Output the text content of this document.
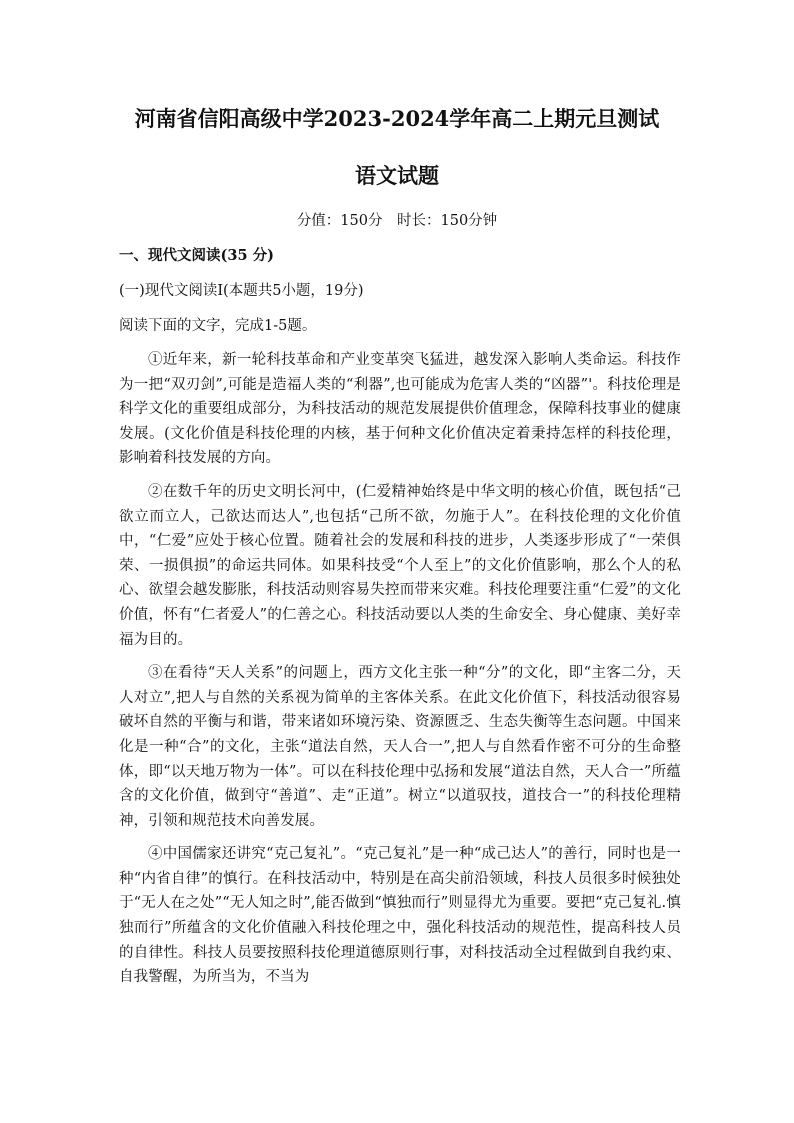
河南省信阳高级中学2023-2024学年高二上期元旦测试
语文试题
分值：150分　时长：150分钟

一、现代文阅读(35 分)

(一)现代文阅读I(本题共5小题，19分)

阅读下面的文字，完成1-5题。

①近年来，新一轮科技革命和产业变革突飞猛进，越发深入影响人类命运。科技作为一把“双刃剑”,可能是造福人类的“利器”,也可能成为危害人类的“凶器”'。科技伦理是科学文化的重要组成部分，为科技活动的规范发展提供价值理念，保障科技事业的健康发展。(文化价值是科技伦理的内核，基于何种文化价值决定着秉持怎样的科技伦理，影响着科技发展的方向。

②在数千年的历史文明长河中，(仁爱精神始终是中华文明的核心价值，既包括“己欲立而立人，己欲达而达人”,也包括“己所不欲，勿施于人”。在科技伦理的文化价值中，“仁爱”应处于核心位置。随着社会的发展和科技的进步，人类逐步形成了“一荣俱荣、一损俱损”的命运共同体。如果科技受“个人至上”的文化价值影响，那么个人的私心、欲望会越发膨胀，科技活动则容易失控而带来灾难。科技伦理要注重“仁爱”的文化价值，怀有“仁者爱人”的仁善之心。科技活动要以人类的生命安全、身心健康、美好幸福为目的。

③在看待“天人关系”的问题上，西方文化主张一种“分”的文化，即“主客二分，天人对立”,把人与自然的关系视为简单的主客体关系。在此文化价值下，科技活动很容易破坏自然的平衡与和谐，带来诸如环境污染、资源匮乏、生态失衡等生态问题。中国来化是一种“合”的文化，主张“道法自然，天人合一”,把人与自然看作密不可分的生命整体，即“以天地万物为一体”。可以在科技伦理中弘扬和发展“道法自然，天人合一”所蕴含的文化价值，做到守“善道”、走“正道”。树立“以道驭技，道技合一”的科技伦理精神，引领和规范技术向善发展。

④中国儒家还讲究“克己复礼”。“克己复礼”是一种“成己达人”的善行，同时也是一种“内省自律”的慎行。在科技活动中，特别是在高尖前沿领域，科技人员很多时候独处于“无人在之处”“无人知之时”,能否做到“慎独而行”则显得尤为重要。要把“克己复礼.慎独而行”所蕴含的文化价值融入科技伦理之中，强化科技活动的规范性，提高科技人员的自律性。科技人员要按照科技伦理道德原则行事，对科技活动全过程做到自我约束、自我警醒，为所当为，不当为
